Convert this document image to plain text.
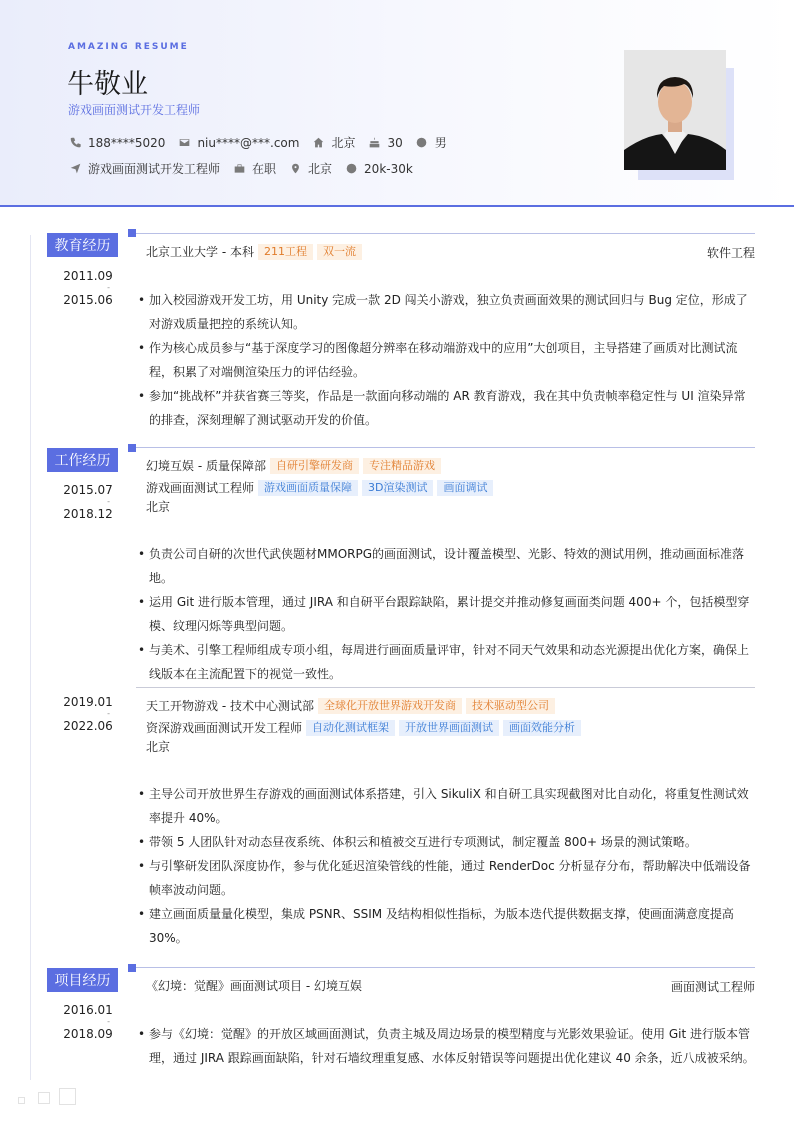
AMAZING RESUME
牛敬业
游戏画面测试开发工程师
188****5020	niu****@***.com	北京	30	男
游戏画面测试开发工程师	在职	北京	20k-30k
教育经历	北京工业大学 - 本科 211工程	双一流	软件工程
2011.09
-
2015.06	• 加入校园游戏开发工坊，用 Unity 完成一款 2D 闯关小游戏，独立负责画面效果的测试回归与 Bug 定位，形成了对游戏质量把控的系统认知。
• 作为核心成员参与“基于深度学习的图像超分辨率在移动端游戏中的应用”大创项目，主导搭建了画质对比测试流程，积累了对端侧渲染压力的评估经验。
• 参加“挑战杯”并获省赛三等奖，作品是一款面向移动端的 AR 教育游戏，我在其中负责帧率稳定性与 UI 渲染异常的排查，深刻理解了测试驱动开发的价值。
工作经历	幻境互娱 - 质量保障部 自研引擎研发商	专注精品游戏
游戏画面测试工程师 游戏画面质量保障	3D渲染测试	画面调试
北京
2015.07
-
2018.12
• 负责公司自研的次世代武侠题材MMORPG的画面测试，设计覆盖模型、光影、特效的测试用例，推动画面标准落地。
• 运用 Git 进行版本管理，通过 JIRA 和自研平台跟踪缺陷，累计提交并推动修复画面类问题 400+ 个，包括模型穿模、纹理闪烁等典型问题。
• 与美术、引擎工程师组成专项小组，每周进行画面质量评审，针对不同天气效果和动态光源提出优化方案，确保上线版本在主流配置下的视觉一致性。
天工开物游戏 - 技术中心测试部 全球化开放世界游戏开发商	技术驱动型公司
资深游戏画面测试开发工程师 自动化测试框架	开放世界画面测试	画面效能分析
北京
2019.01
-
2022.06
• 主导公司开放世界生存游戏的画面测试体系搭建，引入 SikuliX 和自研工具实现截图对比自动化，将重复性测试效率提升 40%。
• 带领 5 人团队针对动态昼夜系统、体积云和植被交互进行专项测试，制定覆盖 800+ 场景的测试策略。
• 与引擎研发团队深度协作，参与优化延迟渲染管线的性能，通过 RenderDoc 分析显存分布，帮助解决中低端设备帧率波动问题。
• 建立画面质量量化模型，集成 PSNR、SSIM 及结构相似性指标，为版本迭代提供数据支撑，使画面满意度提高 30%。
项目经历	《幻境：觉醒》画面测试项目 - 幻境互娱	画面测试工程师
2016.01
-
2018.09	• 参与《幻境：觉醒》的开放区域画面测试，负责主城及周边场景的模型精度与光影效果验证。使用 Git 进行版本管理，通过 JIRA 跟踪画面缺陷，针对石墙纹理重复感、水体反射错误等问题提出优化建议 40 余条，近八成被采纳。
